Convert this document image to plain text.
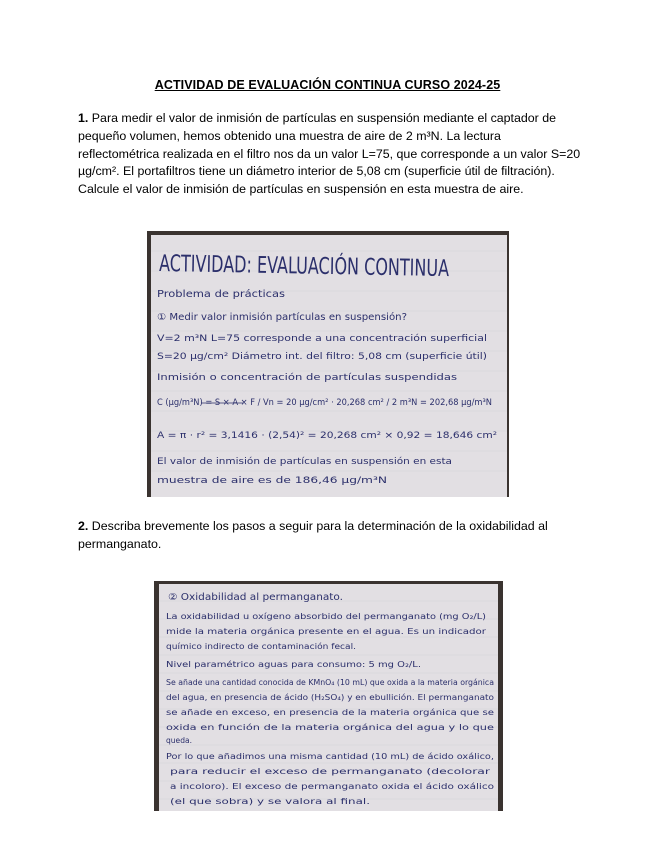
ACTIVIDAD DE EVALUACIÓN CONTINUA CURSO 2024-25

1. Para medir el valor de inmisión de partículas en suspensión mediante el captador de pequeño volumen, hemos obtenido una muestra de aire de 2 m³N. La lectura reflectométrica realizada en el filtro nos da un valor L=75, que corresponde a un valor S=20 µg/cm². El portafiltros tiene un diámetro interior de 5,08 cm (superficie útil de filtración). Calcule el valor de inmisión de partículas en suspensión en esta muestra de aire.

ACTIVIDAD: EVALUACIÓN CONTINUA
Problema de prácticas
① Medir valor inmisión partículas en suspensión?
V=2 m³N L=75 corresponde a una concentración superficial
S=20 µg/cm² Diámetro int. del filtro: 5,08 cm (superficie útil)
Inmisión o concentración de partículas suspendidas
C (µg/m³N) = S × A × F / Vn = 20 µg/cm² · 20,268 cm² / 2 m³N = 202,68 µg/m³N
A = π · r² = 3,1416 · (2,54)² = 20,268 cm² × 0,92 = 18,646 cm²
El valor de inmisión de partículas en suspensión en esta
muestra de aire es de 186,46 µg/m³N

2. Describa brevemente los pasos a seguir para la determinación de la oxidabilidad al permanganato.

② Oxidabilidad al permanganato.
La oxidabilidad u oxígeno absorbido del permanganato (mg O₂/L)
mide la materia orgánica presente en el agua. Es un indicador
químico indirecto de contaminación fecal.
Nivel paramétrico aguas para consumo: 5 mg O₂/L.
Se añade una cantidad conocida de KMnO₄ (10 mL) que oxida a la materia orgánica
del agua, en presencia de ácido (H₂SO₄) y en ebullición. El permanganato
se añade en exceso, en presencia de la materia orgánica que se
oxida en función de la materia orgánica del agua y lo que
queda.
Por lo que añadimos una misma cantidad (10 mL) de ácido oxálico,
para reducir el exceso de permanganato (decolorar
a incoloro). El exceso de permanganato oxida el ácido oxálico
(el que sobra) y se valora al final.
